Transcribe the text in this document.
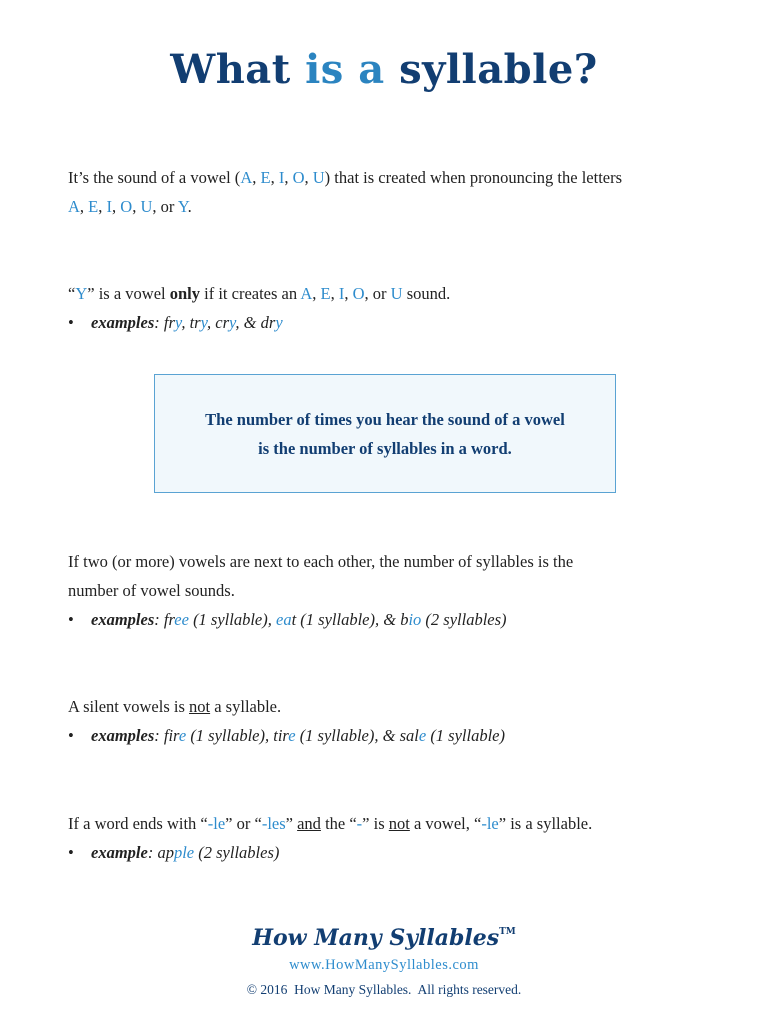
What is a syllable?
It’s the sound of a vowel (A, E, I, O, U) that is created when pronouncing the letters
A, E, I, O, U, or Y.
“Y” is a vowel only if it creates an A, E, I, O, or U sound.
• examples: fry, try, cry, & dry
The number of times you hear the sound of a vowel
is the number of syllables in a word.
If two (or more) vowels are next to each other, the number of syllables is the
number of vowel sounds.
• examples: free (1 syllable), eat (1 syllable), & bio (2 syllables)
A silent vowels is not a syllable.
• examples: fire (1 syllable), tire (1 syllable), & sale (1 syllable)
If a word ends with “-le” or “-les” and the “-” is not a vowel, “-le” is a syllable.
• example: apple (2 syllables)
How Many Syllables™
www.HowManySyllables.com
© 2016  How Many Syllables.  All rights reserved.
